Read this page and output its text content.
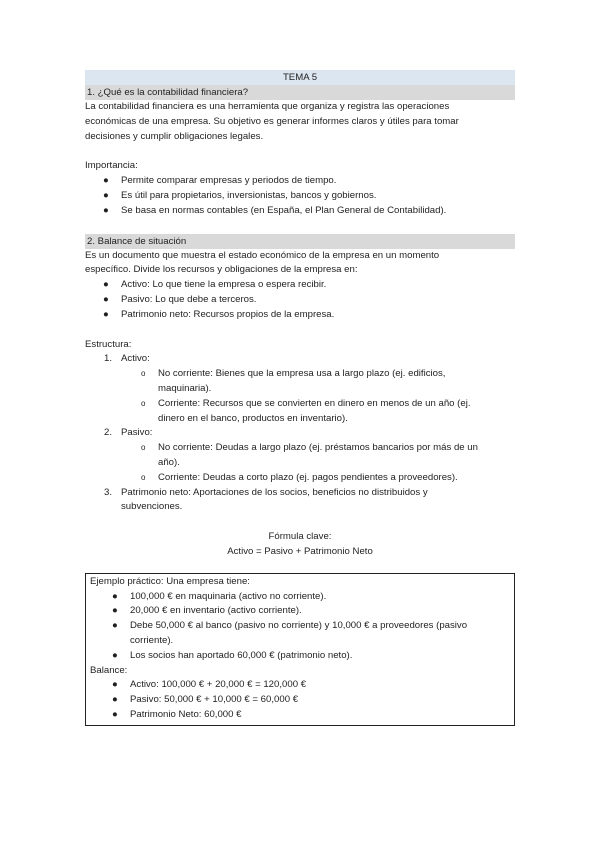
TEMA 5
1. ¿Qué es la contabilidad financiera?

La contabilidad financiera es una herramienta que organiza y registra las operaciones

económicas de una empresa. Su objetivo es generar informes claros y útiles para tomar

decisiones y cumplir obligaciones legales.

Importancia:

● Permite comparar empresas y periodos de tiempo.
● Es útil para propietarios, inversionistas, bancos y gobiernos.
● Se basa en normas contables (en España, el Plan General de Contabilidad).
2. Balance de situación

Es un documento que muestra el estado económico de la empresa en un momento

específico. Divide los recursos y obligaciones de la empresa en:

● Activo: Lo que tiene la empresa o espera recibir.
● Pasivo: Lo que debe a terceros.
● Patrimonio neto: Recursos propios de la empresa.

Estructura:

1. Activo:
o No corriente: Bienes que la empresa usa a largo plazo (ej. edificios,
maquinaria).
o Corriente: Recursos que se convierten en dinero en menos de un año (ej.
dinero en el banco, productos en inventario).
2. Pasivo:
o No corriente: Deudas a largo plazo (ej. préstamos bancarios por más de un
año).
o Corriente: Deudas a corto plazo (ej. pagos pendientes a proveedores).
3. Patrimonio neto: Aportaciones de los socios, beneficios no distribuidos y
subvenciones.

Fórmula clave:

Activo = Pasivo + Patrimonio Neto

Ejemplo práctico: Una empresa tiene:

● 100,000 € en maquinaria (activo no corriente).
● 20,000 € en inventario (activo corriente).
● Debe 50,000 € al banco (pasivo no corriente) y 10,000 € a proveedores (pasivo
corriente).
● Los socios han aportado 60,000 € (patrimonio neto).

Balance:

● Activo: 100,000 € + 20,000 € = 120,000 €
● Pasivo: 50,000 € + 10,000 € = 60,000 €
● Patrimonio Neto: 60,000 €
